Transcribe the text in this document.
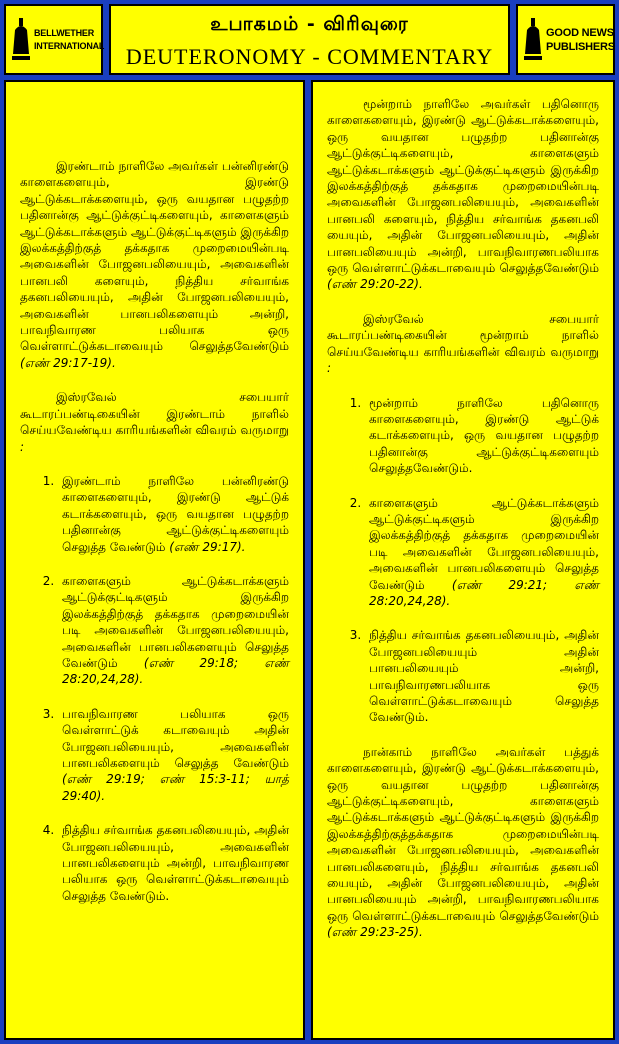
BELLWETHER
INTERNATIONAL
உபாகமம் - விரிவுரை
DEUTERONOMY - COMMENTARY
GOOD NEWS
PUBLISHERS

இரண்டாம் நாளிலே அவர்கள் பன்னிரண்டு காளைகளையும், இரண்டு ஆட்டுக்கடாக்களையும், ஒரு வயதான பழுதற்ற பதினான்கு ஆட்டுக்குட்டிகளையும், காளைகளும் ஆட்டுக்கடாக்களும் ஆட்டுக்குட்டிகளும் இருக்கிற இலக்கத்திற்குத் தக்கதாக முறைமையின்படி அவைகளின் போஜனபலியையும், அவைகளின் பானபலி களையும், நித்திய சர்வாங்க தகனபலியையும், அதின் போஜனபலியையும், அவைகளின் பானபலிகளையும் அன்றி, பாவநிவாரண பலியாக ஒரு வெள்ளாட்டுக்கடாவையும் செலுத்தவேண்டும் (எண் 29:17-19).

இஸ்ரவேல் சபையார் கூடாரப்பண்டிகையின் இரண்டாம் நாளில் செய்யவேண்டிய காரியங்களின் விவரம் வருமாறு :

1. இரண்டாம் நாளிலே பன்னிரண்டு காளைகளையும், இரண்டு ஆட்டுக் கடாக்களையும், ஒரு வயதான பழுதற்ற பதினான்கு ஆட்டுக்குட்டிகளையும் செலுத்த வேண்டும் (எண் 29:17).
2. காளைகளும் ஆட்டுக்கடாக்களும் ஆட்டுக்குட்டிகளும் இருக்கிற இலக்கத்திற்குத் தக்கதாக முறைமையின் படி அவைகளின் போஜனபலியையும், அவைகளின் பானபலிகளையும் செலுத்த வேண்டும் (எண் 29:18; எண் 28:20,24,28).
3. பாவநிவாரண பலியாக ஒரு வெள்ளாட்டுக் கடாவையும் அதின் போஜனபலியையும், அவைகளின் பானபலிகளையும் செலுத்த வேண்டும் (எண் 29:19; எண் 15:3-11; யாத் 29:40).
4. நித்திய சர்வாங்க தகனபலியையும், அதின் போஜனபலியையும், அவைகளின் பானபலிகளையும் அன்றி, பாவநிவாரண பலியாக ஒரு வெள்ளாட்டுக்கடாவையும் செலுத்த வேண்டும்.

மூன்றாம் நாளிலே அவர்கள் பதினொரு காளைகளையும், இரண்டு ஆட்டுக்கடாக்களையும், ஒரு வயதான பழுதற்ற பதினான்கு ஆட்டுக்குட்டிகளையும், காளைகளும் ஆட்டுக்கடாக்களும் ஆட்டுக்குட்டிகளும் இருக்கிற இலக்கத்திற்குத் தக்கதாக முறைமையின்படி அவைகளின் போஜனபலியையும், அவைகளின் பானபலி களையும், நித்திய சர்வாங்க தகனபலி யையும், அதின் போஜனபலியையும், அதின் பானபலியையும் அன்றி, பாவநிவாரணபலியாக ஒரு வெள்ளாட்டுக்கடாவையும் செலுத்தவேண்டும் (எண் 29:20-22).

இஸ்ரவேல் சபையார் கூடாரப்பண்டிகையின் மூன்றாம் நாளில் செய்யவேண்டிய காரியங்களின் விவரம் வருமாறு :

1. மூன்றாம் நாளிலே பதினொரு காளைகளையும், இரண்டு ஆட்டுக் கடாக்களையும், ஒரு வயதான பழுதற்ற பதினான்கு ஆட்டுக்குட்டிகளையும் செலுத்தவேண்டும்.
2. காளைகளும் ஆட்டுக்கடாக்களும் ஆட்டுக்குட்டிகளும் இருக்கிற இலக்கத்திற்குத் தக்கதாக முறைமையின் படி அவைகளின் போஜனபலியையும், அவைகளின் பானபலிகளையும் செலுத்த வேண்டும் (எண் 29:21; எண் 28:20,24,28).
3. நித்திய சர்வாங்க தகனபலியையும், அதின் போஜனபலியையும் அதின் பானபலியையும் அன்றி, பாவநிவாரணபலியாக ஒரு வெள்ளாட்டுக்கடாவையும் செலுத்த வேண்டும்.

நான்காம் நாளிலே அவர்கள் பத்துக் காளைகளையும், இரண்டு ஆட்டுக்கடாக்களையும், ஒரு வயதான பழுதற்ற பதினான்கு ஆட்டுக்குட்டிகளையும், காளைகளும் ஆட்டுக்கடாக்களும் ஆட்டுக்குட்டிகளும் இருக்கிற இலக்கத்திற்குத்தக்கதாக முறைமையின்படி அவைகளின் போஜனபலியையும், அவைகளின் பானபலிகளையும், நித்திய சர்வாங்க தகனபலி யையும், அதின் போஜனபலியையும், அதின் பானபலியையும் அன்றி, பாவநிவாரணபலியாக ஒரு வெள்ளாட்டுக்கடாவையும் செலுத்தவேண்டும் (எண் 29:23-25).
